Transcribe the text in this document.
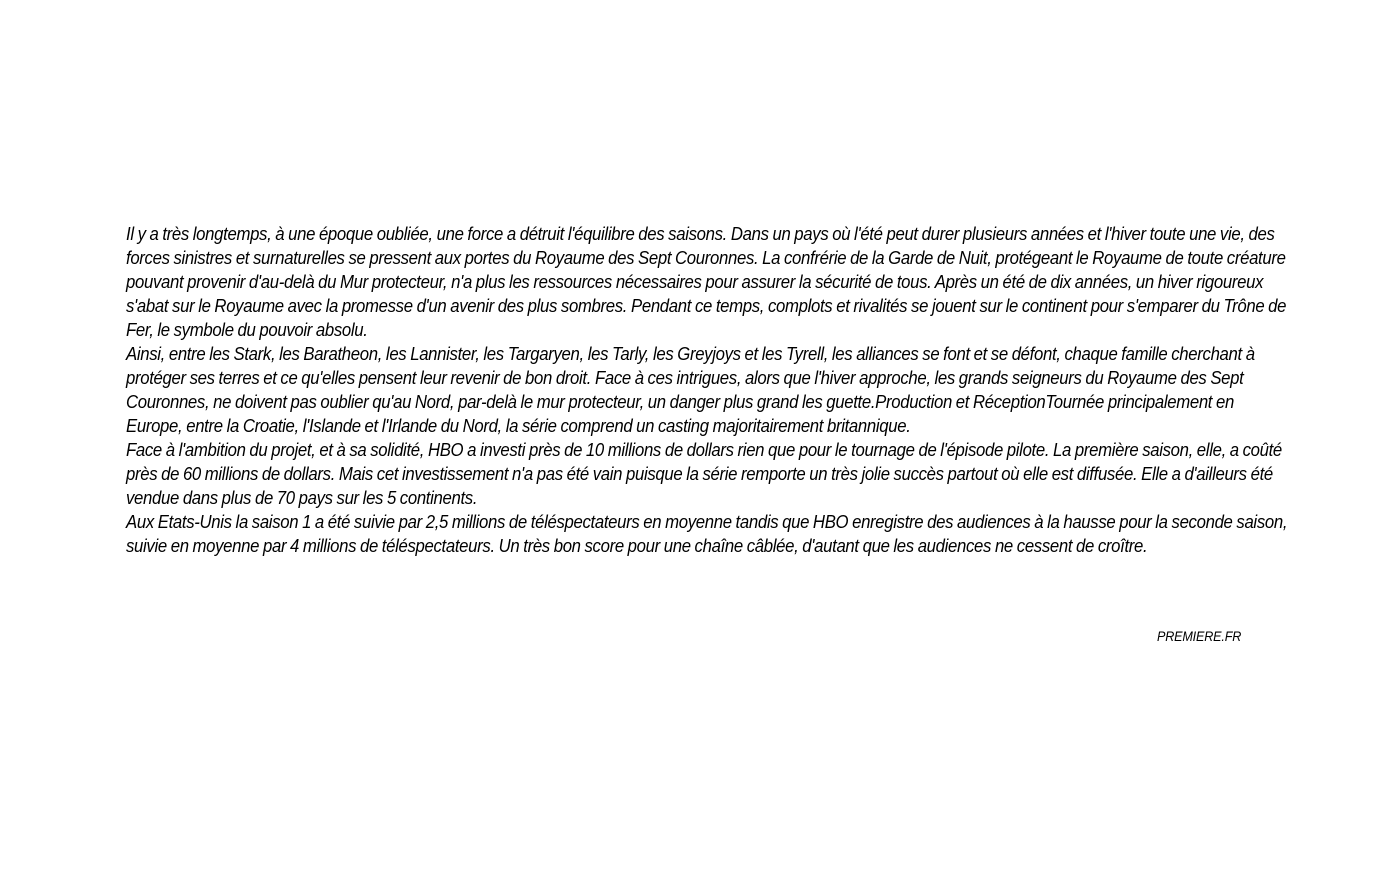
Il y a très longtemps, à une époque oubliée, une force a détruit l'équilibre des saisons. Dans un pays où l'été peut durer plusieurs années et l'hiver toute une vie, des forces sinistres et surnaturelles se pressent aux portes du Royaume des Sept Couronnes. La confrérie de la Garde de Nuit, protégeant le Royaume de toute créature pouvant provenir d'au-delà du Mur protecteur, n'a plus les ressources nécessaires pour assurer la sécurité de tous. Après un été de dix années, un hiver rigoureux s'abat sur le Royaume avec la promesse d'un avenir des plus sombres. Pendant ce temps, complots et rivalités se jouent sur le continent pour s'emparer du Trône de Fer, le symbole du pouvoir absolu.

Ainsi, entre les Stark, les Baratheon, les Lannister, les Targaryen, les Tarly, les Greyjoys et les Tyrell, les alliances se font et se défont, chaque famille cherchant à protéger ses terres et ce qu'elles pensent leur revenir de bon droit. Face à ces intrigues, alors que l'hiver approche, les grands seigneurs du Royaume des Sept Couronnes, ne doivent pas oublier qu'au Nord, par-delà le mur protecteur, un danger plus grand les guette.Production et RéceptionTournée principalement en Europe, entre la Croatie, l'Islande et l'Irlande du Nord, la série comprend un casting majoritairement britannique.

Face à l'ambition du projet, et à sa solidité, HBO a investi près de 10 millions de dollars rien que pour le tournage de l'épisode pilote. La première saison, elle, a coûté près de 60 millions de dollars. Mais cet investissement n'a pas été vain puisque la série remporte un très jolie succès partout où elle est diffusée. Elle a d'ailleurs été vendue dans plus de 70 pays sur les 5 continents.

Aux Etats-Unis la saison 1 a été suivie par 2,5 millions de téléspectateurs en moyenne tandis que HBO enregistre des audiences à la hausse pour la seconde saison, suivie en moyenne par 4 millions de téléspectateurs. Un très bon score pour une chaîne câblée, d'autant que les audiences ne cessent de croître.

PREMIERE.FR
